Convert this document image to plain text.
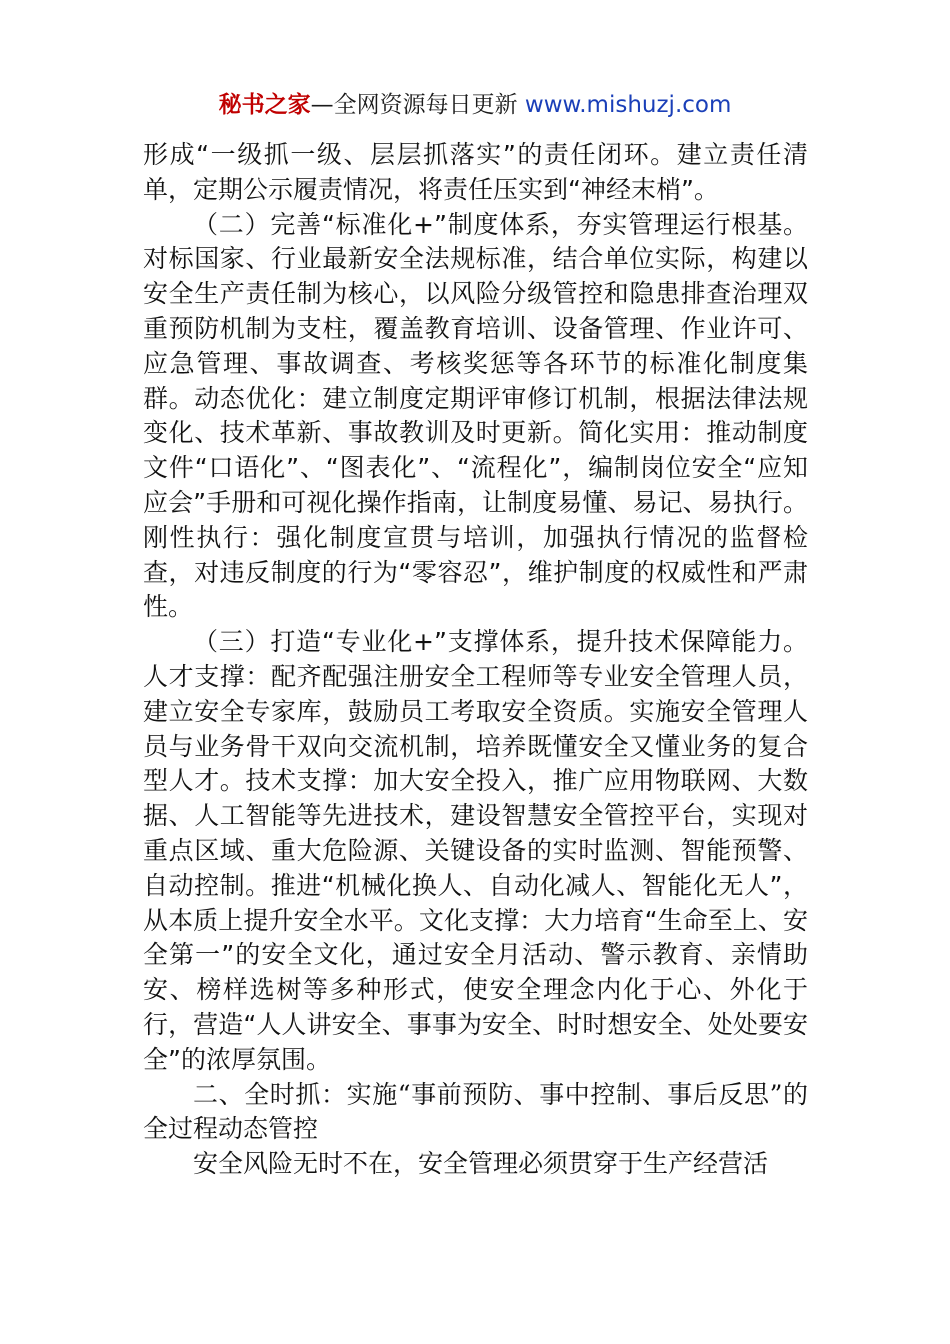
秘书之家—全网资源每日更新 www.mishuzj.com

形成“一级抓一级、层层抓落实”的责任闭环。建立责任清单，定期公示履责情况，将责任压实到“神经末梢”。

（二）完善“标准化+”制度体系，夯实管理运行根基。对标国家、行业最新安全法规标准，结合单位实际，构建以安全生产责任制为核心，以风险分级管控和隐患排查治理双重预防机制为支柱，覆盖教育培训、设备管理、作业许可、应急管理、事故调查、考核奖惩等各环节的标准化制度集群。动态优化：建立制度定期评审修订机制，根据法律法规变化、技术革新、事故教训及时更新。简化实用：推动制度文件“口语化”、“图表化”、“流程化”，编制岗位安全“应知应会”手册和可视化操作指南，让制度易懂、易记、易执行。刚性执行：强化制度宣贯与培训，加强执行情况的监督检查，对违反制度的行为“零容忍”，维护制度的权威性和严肃性。

（三）打造“专业化+”支撑体系，提升技术保障能力。人才支撑：配齐配强注册安全工程师等专业安全管理人员，建立安全专家库，鼓励员工考取安全资质。实施安全管理人员与业务骨干双向交流机制，培养既懂安全又懂业务的复合型人才。技术支撑：加大安全投入，推广应用物联网、大数据、人工智能等先进技术，建设智慧安全管控平台，实现对重点区域、重大危险源、关键设备的实时监测、智能预警、自动控制。推进“机械化换人、自动化减人、智能化无人”，从本质上提升安全水平。文化支撑：大力培育“生命至上、安全第一”的安全文化，通过安全月活动、警示教育、亲情助安、榜样选树等多种形式，使安全理念内化于心、外化于行，营造“人人讲安全、事事为安全、时时想安全、处处要安全”的浓厚氛围。

二、全时抓：实施“事前预防、事中控制、事后反思”的全过程动态管控

安全风险无时不在，安全管理必须贯穿于生产经营活
